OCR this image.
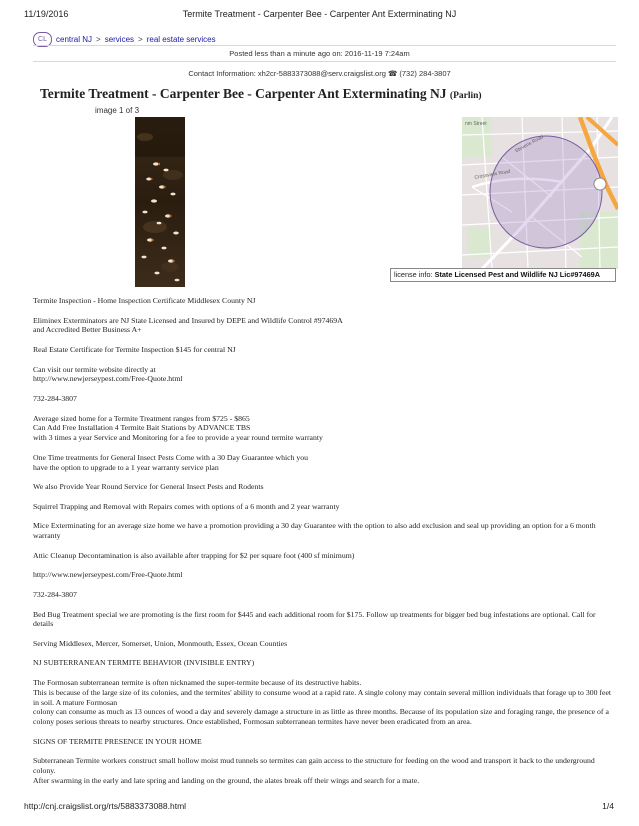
11/19/2016	Termite Treatment - Carpenter Bee - Carpenter Ant Exterminating NJ
CL	central NJ > services > real estate services
Posted less than a minute ago on: 2016-11-19 7:24am
Contact Information: xh2cr-5883373088@serv.craigslist.org ☎ (732) 284-3807
Termite Treatment - Carpenter Bee - Carpenter Ant Exterminating NJ (Parlin)
image 1 of 3
nm Street
Stevens Road
Crossview Road
license info: State Licensed Pest and Wildlife NJ Lic#97469A

Termite Inspection - Home Inspection Certificate Middlesex County NJ

Eliminex Exterminators are NJ State Licensed and Insured by DEPE and Wildlife Control #97469A
and Accredited Better Business A+

Real Estate Certificate for Termite Inspection $145 for central NJ

Can visit our termite website directly at
http://www.newjerseypest.com/Free-Quote.html

732-284-3807

Average sized home for a Termite Treatment ranges from $725 - $865
Can Add Free Installation 4 Termite Bait Stations by ADVANCE TBS
with 3 times a year Service and Monitoring for a fee to provide a year round termite warranty

One Time treatments for General Insect Pests Come with a 30 Day Guarantee which you
have the option to upgrade to a 1 year warranty service plan

We also Provide Year Round Service for General Insect Pests and Rodents

Squirrel Trapping and Removal with Repairs comes with options of a 6 month and 2 year warranty

Mice Exterminating for an average size home we have a promotion providing a 30 day Guarantee with the option to also add exclusion and seal up providing an option for a 6 month warranty

Attic Cleanup Decontamination is also available after trapping for $2 per square foot (400 sf minimum)

http://www.newjerseypest.com/Free-Quote.html

732-284-3807

Bed Bug Treatment special we are promoting is the first room for $445 and each additional room for $175. Follow up treatments for bigger bed bug infestations are optional. Call for details

Serving Middlesex, Mercer, Somerset, Union, Monmouth, Essex, Ocean Counties

NJ SUBTERRANEAN TERMITE BEHAVIOR (INVISIBLE ENTRY)

The Formosan subterranean termite is often nicknamed the super-termite because of its destructive habits.
This is because of the large size of its colonies, and the termites' ability to consume wood at a rapid rate. A single colony may contain several million individuals that forage up to 300 feet in soil. A mature Formosan
colony can consume as much as 13 ounces of wood a day and severely damage a structure in as little as three months. Because of its population size and foraging range, the presence of a colony poses serious threats to nearby structures. Once established, Formosan subterranean termites have never been eradicated from an area.

SIGNS OF TERMITE PRESENCE IN YOUR HOME

Subterranean Termite workers construct small hollow moist mud tunnels so termites can gain access to the structure for feeding on the wood and transport it back to the underground colony.
After swarming in the early and late spring and landing on the ground, the alates break off their wings and search for a mate.

http://cnj.craigslist.org/rts/5883373088.html	1/4
